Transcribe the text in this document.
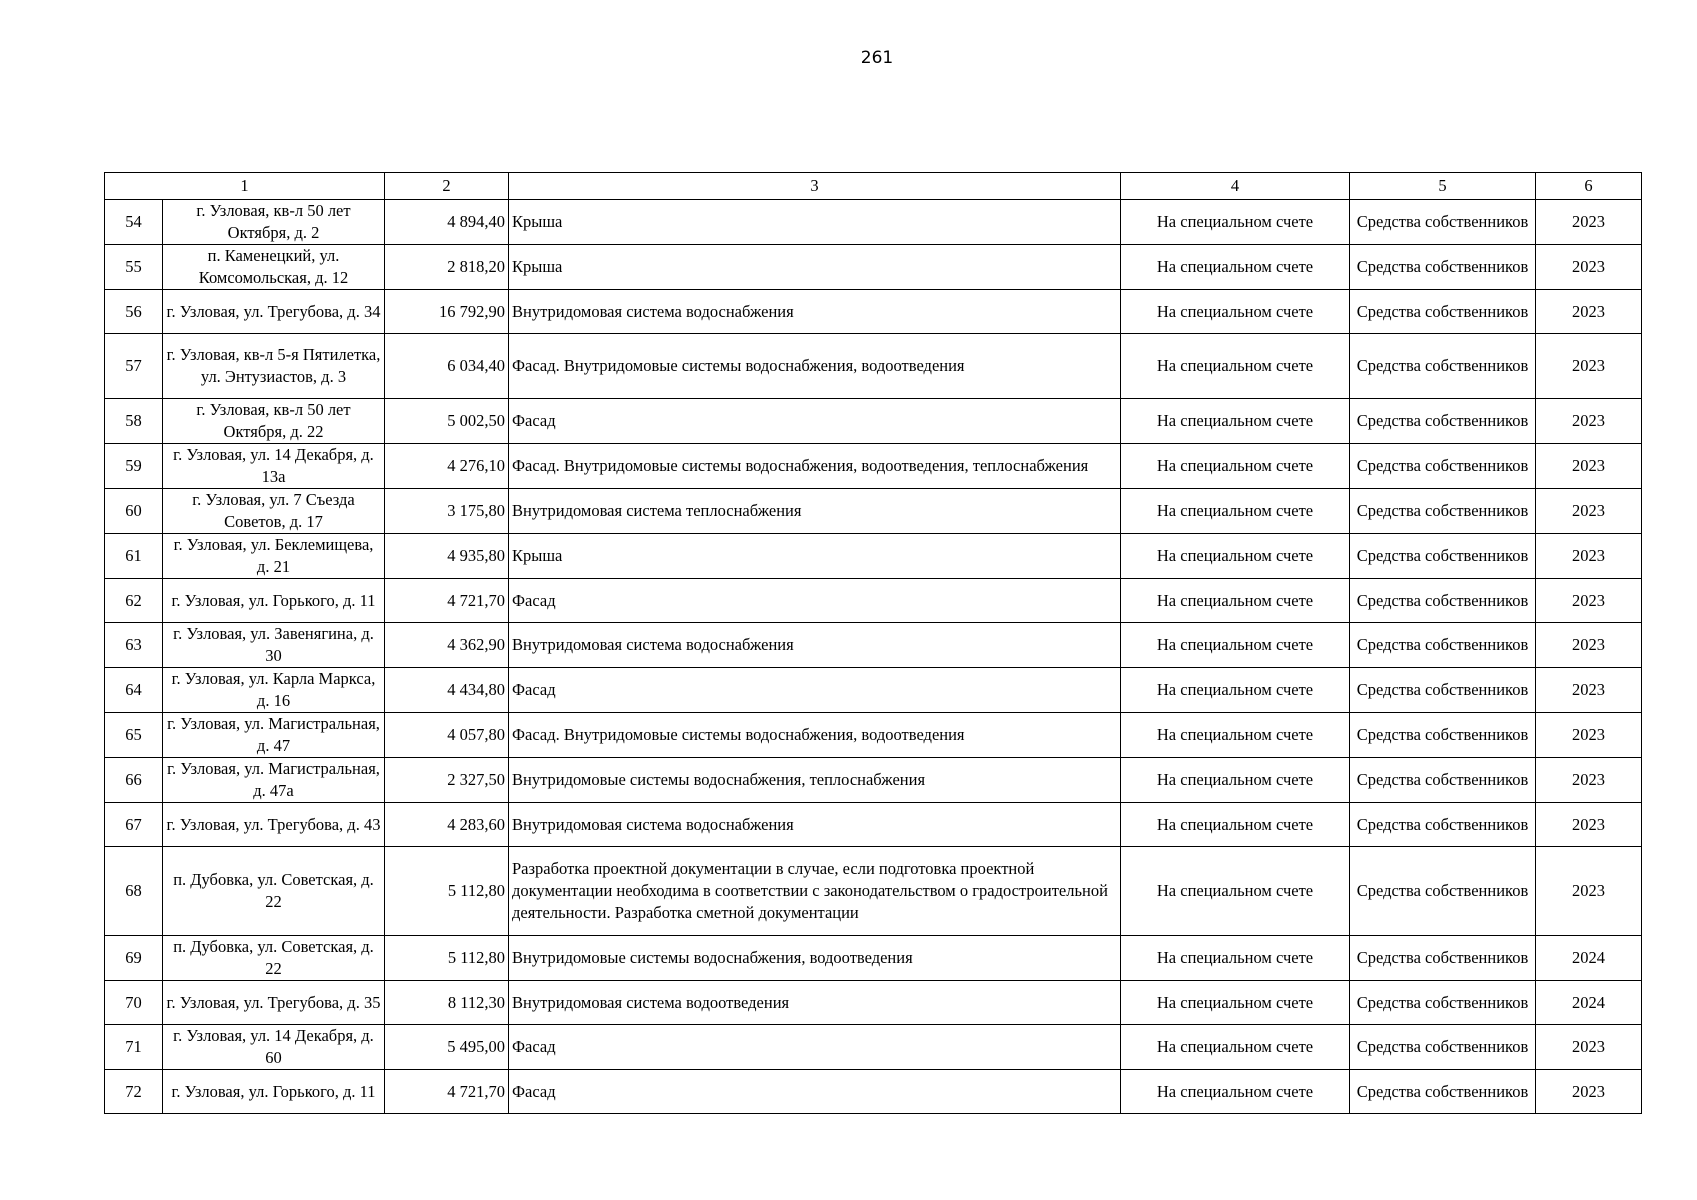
261
1		2	3	4	5	6
54	г. Узловая, кв-л 50 лет Октября, д. 2	4 894,40	Крыша	На специальном счете	Средства собственников	2023
55	п. Каменецкий, ул. Комсомольская, д. 12	2 818,20	Крыша	На специальном счете	Средства собственников	2023
56	г. Узловая, ул. Трегубова, д. 34	16 792,90	Внутридомовая система водоснабжения	На специальном счете	Средства собственников	2023
57	г. Узловая, кв-л 5-я Пятилетка, ул. Энтузиастов, д. 3	6 034,40	Фасад. Внутридомовые системы водоснабжения, водоотведения	На специальном счете	Средства собственников	2023
58	г. Узловая, кв-л 50 лет Октября, д. 22	5 002,50	Фасад	На специальном счете	Средства собственников	2023
59	г. Узловая, ул. 14 Декабря, д. 13а	4 276,10	Фасад. Внутридомовые системы водоснабжения, водоотведения, теплоснабжения	На специальном счете	Средства собственников	2023
60	г. Узловая, ул. 7 Съезда Советов, д. 17	3 175,80	Внутридомовая система теплоснабжения	На специальном счете	Средства собственников	2023
61	г. Узловая, ул. Беклемищева, д. 21	4 935,80	Крыша	На специальном счете	Средства собственников	2023
62	г. Узловая, ул. Горького, д. 11	4 721,70	Фасад	На специальном счете	Средства собственников	2023
63	г. Узловая, ул. Завенягина, д. 30	4 362,90	Внутридомовая система водоснабжения	На специальном счете	Средства собственников	2023
64	г. Узловая, ул. Карла Маркса, д. 16	4 434,80	Фасад	На специальном счете	Средства собственников	2023
65	г. Узловая, ул. Магистральная, д. 47	4 057,80	Фасад. Внутридомовые системы водоснабжения, водоотведения	На специальном счете	Средства собственников	2023
66	г. Узловая, ул. Магистральная, д. 47а	2 327,50	Внутридомовые системы водоснабжения, теплоснабжения	На специальном счете	Средства собственников	2023
67	г. Узловая, ул. Трегубова, д. 43	4 283,60	Внутридомовая система водоснабжения	На специальном счете	Средства собственников	2023
68	п. Дубовка, ул. Советская, д. 22	5 112,80	Разработка проектной документации в случае, если подготовка проектной документации необходима в соответствии с законодательством о градостроительной деятельности. Разработка сметной документации	На специальном счете	Средства собственников	2023
69	п. Дубовка, ул. Советская, д. 22	5 112,80	Внутридомовые системы водоснабжения, водоотведения	На специальном счете	Средства собственников	2024
70	г. Узловая, ул. Трегубова, д. 35	8 112,30	Внутридомовая система водоотведения	На специальном счете	Средства собственников	2024
71	г. Узловая, ул. 14 Декабря, д. 60	5 495,00	Фасад	На специальном счете	Средства собственников	2023
72	г. Узловая, ул. Горького, д. 11	4 721,70	Фасад	На специальном счете	Средства собственников	2023
